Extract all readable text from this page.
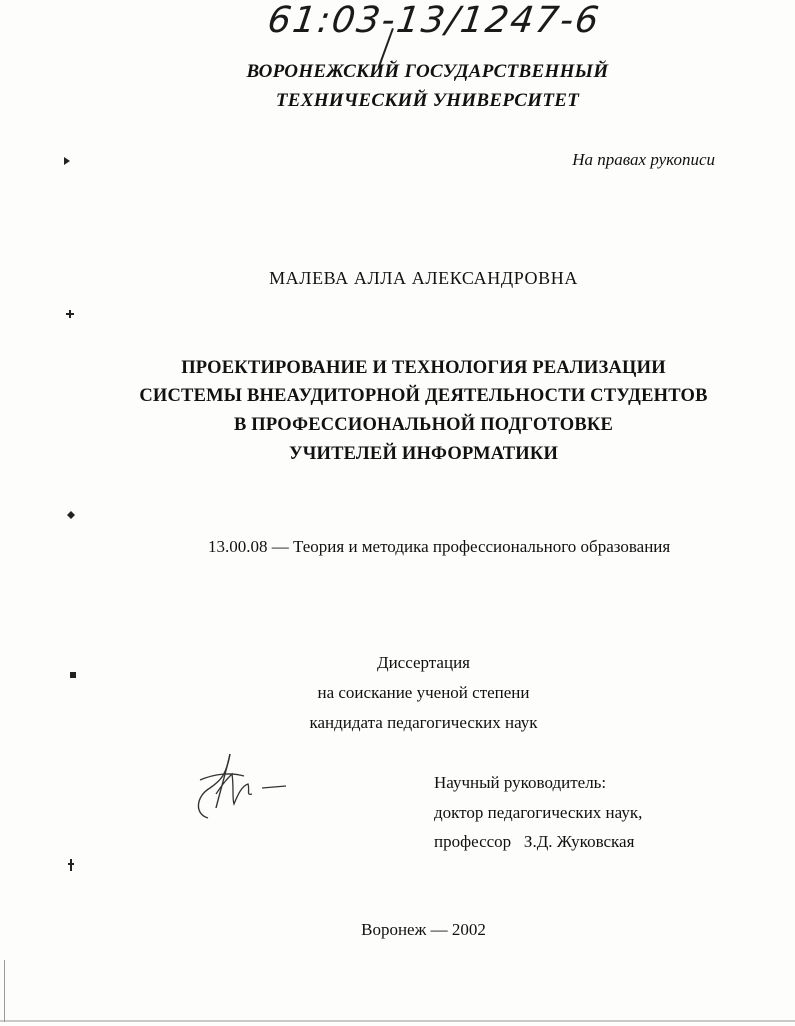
61:03-13/1247-6
ВОРОНЕЖСКИЙ ГОСУДАРСТВЕННЫЙ
ТЕХНИЧЕСКИЙ УНИВЕРСИТЕТ
На правах рукописи
МАЛЕВА АЛЛА АЛЕКСАНДРОВНА
ПРОЕКТИРОВАНИЕ И ТЕХНОЛОГИЯ РЕАЛИЗАЦИИ
СИСТЕМЫ ВНЕАУДИТОРНОЙ ДЕЯТЕЛЬНОСТИ СТУДЕНТОВ
В ПРОФЕССИОНАЛЬНОЙ ПОДГОТОВКЕ
УЧИТЕЛЕЙ ИНФОРМАТИКИ
13.00.08 — Теория и методика профессионального образования
Диссертация
на соискание ученой степени
кандидата педагогических наук
Научный руководитель:
доктор педагогических наук,
профессор   З.Д. Жуковская
Воронеж — 2002
